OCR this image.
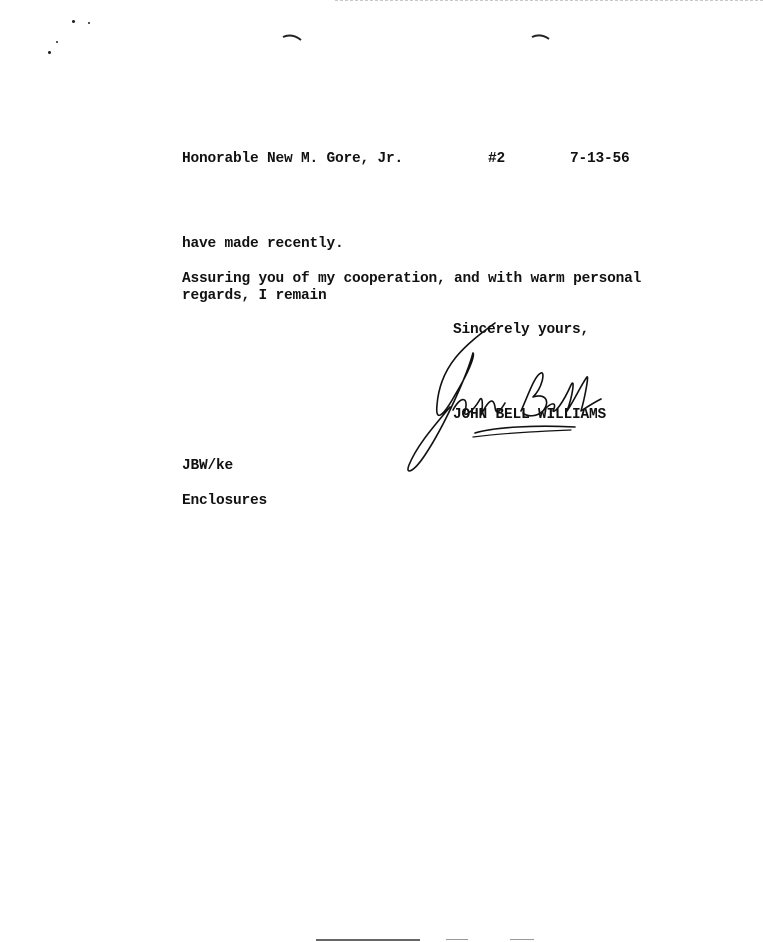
Honorable New M. Gore, Jr.	#2	7-13-56
have made recently.
Assuring you of my cooperation, and with warm personal
regards, I remain
Sincerely yours,
JOHN BELL WILLIAMS
JBW/ke
Enclosures
